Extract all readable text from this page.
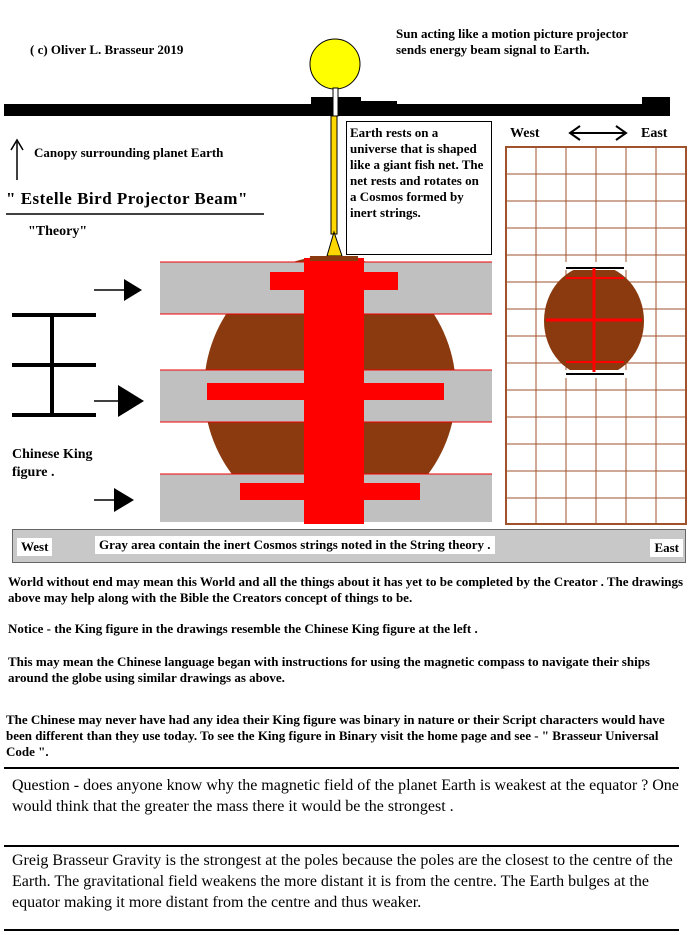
( c) Oliver L. Brasseur 2019
Sun acting like a motion picture projector sends energy beam signal to Earth.
Canopy surrounding planet Earth
" Estelle Bird Projector Beam"
"Theory"
Chinese King figure .
Earth rests on a universe that is shaped like a giant fish net. The net rests and rotates on a Cosmos formed by inert strings.
West	East
West	Gray area contain the inert Cosmos strings noted in the String theory .	East
World without end may mean this World and all the things about it has yet to be completed by the Creator . The drawings above may help along with the Bible the Creators concept of things to be.
Notice - the King figure in the drawings resemble the Chinese King figure at the left .
This may mean the Chinese language began with instructions for using the magnetic compass to navigate their ships around the globe using similar drawings as above.
The Chinese may never have had any idea their King figure was binary in nature or their Script characters would have been different than they use today. To see the King figure in Binary visit the home page and see - " Brasseur Universal Code ".
Question - does anyone know why the magnetic field of the planet Earth is weakest at the equator ? One would think that the greater the mass there it would be the strongest .
Greig Brasseur Gravity is the strongest at the poles because the poles are the closest to the centre of the Earth. The gravitational field weakens the more distant it is from the centre. The Earth bulges at the equator making it more distant from the centre and thus weaker.
